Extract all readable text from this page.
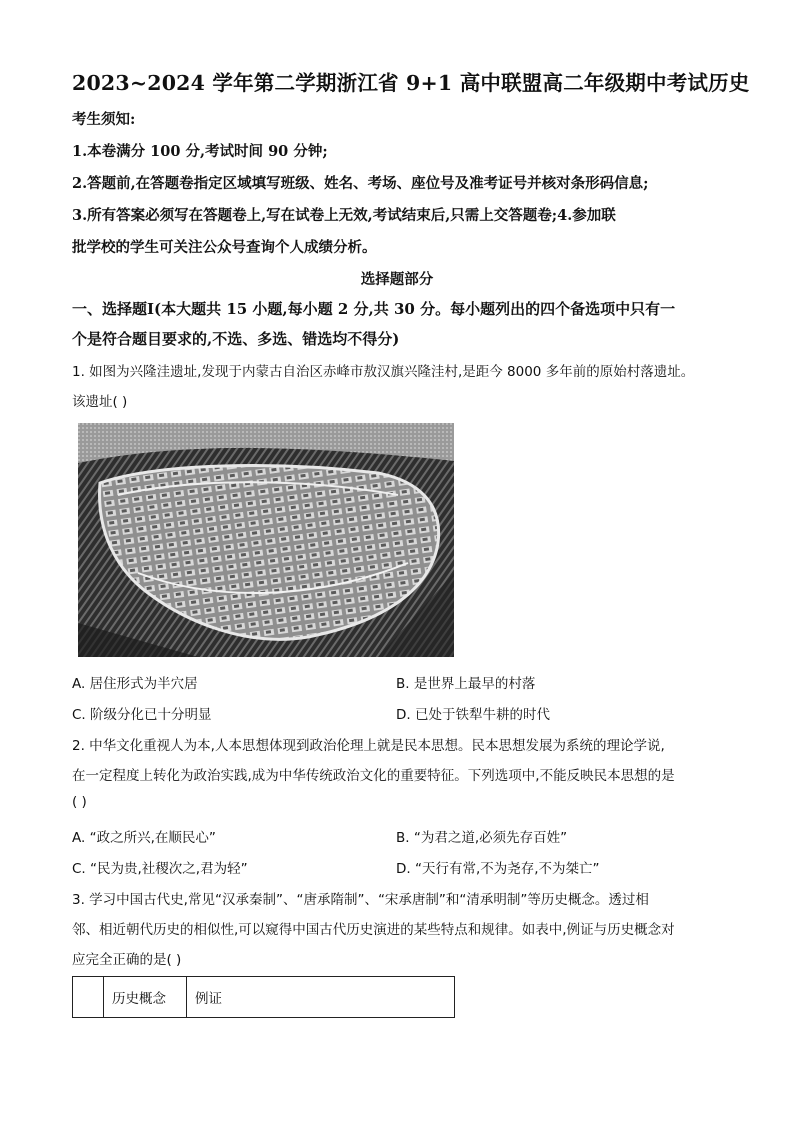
2023~2024 学年第二学期浙江省 9+1 高中联盟高二年级期中考试历史
考生须知:
1.本卷满分 100 分,考试时间 90 分钟;
2.答题前,在答题卷指定区域填写班级、姓名、考场、座位号及准考证号并核对条形码信息;
3.所有答案必须写在答题卷上,写在试卷上无效,考试结束后,只需上交答题卷;4.参加联
批学校的学生可关注公众号查询个人成绩分析。
选择题部分
一、选择题Ⅰ(本大题共 15 小题,每小题 2 分,共 30 分。每小题列出的四个备选项中只有一
个是符合题目要求的,不选、多选、错选均不得分)
1. 如图为兴隆洼遗址,发现于内蒙古自治区赤峰市敖汉旗兴隆洼村,是距今 8000 多年前的原始村落遗址。
该遗址( )
A. 居住形式为半穴居	B. 是世界上最早的村落
C. 阶级分化已十分明显	D. 已处于铁犁牛耕的时代
2. 中华文化重视人为本,人本思想体现到政治伦理上就是民本思想。民本思想发展为系统的理论学说,
在一定程度上转化为政治实践,成为中华传统政治文化的重要特征。下列选项中,不能反映民本思想的是
( )
A. “政之所兴,在顺民心”	B. “为君之道,必须先存百姓”
C. “民为贵,社稷次之,君为轻”	D. “天行有常,不为尧存,不为桀亡”
3. 学习中国古代史,常见“汉承秦制”、“唐承隋制”、“宋承唐制”和“清承明制”等历史概念。透过相
邻、相近朝代历史的相似性,可以窥得中国古代历史演进的某些特点和规律。如表中,例证与历史概念对
应完全正确的是( )
	历史概念	例证
